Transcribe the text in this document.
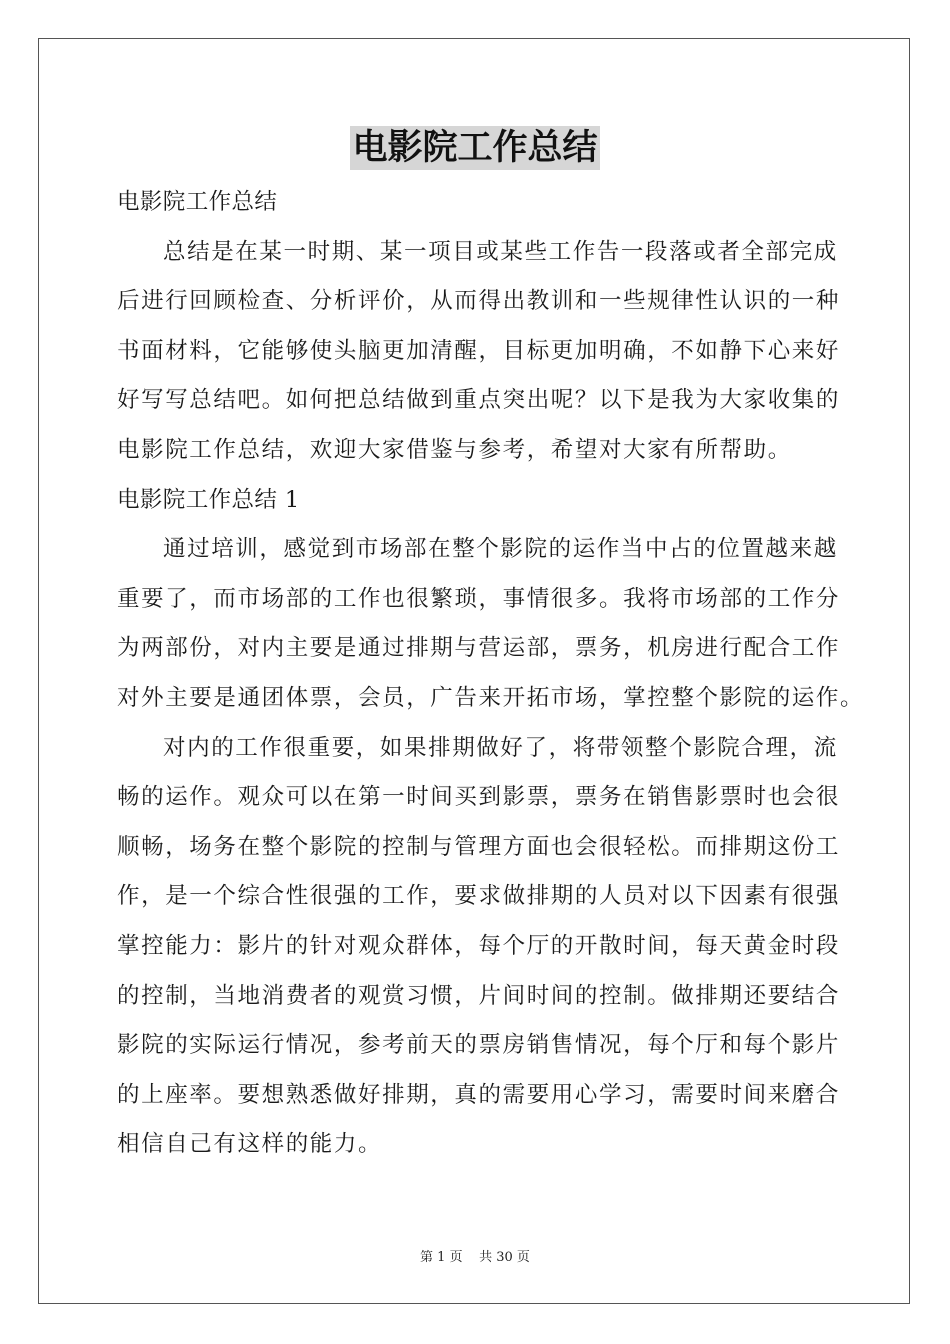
电影院工作总结
电影院工作总结
总结是在某一时期、某一项目或某些工作告一段落或者全部完成
后进行回顾检查、分析评价，从而得出教训和一些规律性认识的一种
书面材料，它能够使头脑更加清醒，目标更加明确，不如静下心来好
好写写总结吧。如何把总结做到重点突出呢？以下是我为大家收集的
电影院工作总结，欢迎大家借鉴与参考，希望对大家有所帮助。
电影院工作总结 1
通过培训，感觉到市场部在整个影院的运作当中占的位置越来越
重要了，而市场部的工作也很繁琐，事情很多。我将市场部的工作分
为两部份，对内主要是通过排期与营运部，票务，机房进行配合工作
对外主要是通团体票，会员，广告来开拓市场，掌控整个影院的运作。
对内的工作很重要，如果排期做好了，将带领整个影院合理，流
畅的运作。观众可以在第一时间买到影票，票务在销售影票时也会很
顺畅，场务在整个影院的控制与管理方面也会很轻松。而排期这份工
作，是一个综合性很强的工作，要求做排期的人员对以下因素有很强
掌控能力：影片的针对观众群体，每个厅的开散时间，每天黄金时段
的控制，当地消费者的观赏习惯，片间时间的控制。做排期还要结合
影院的实际运行情况，参考前天的票房销售情况，每个厅和每个影片
的上座率。要想熟悉做好排期，真的需要用心学习，需要时间来磨合
相信自己有这样的能力。
第 1 页 共 30 页
